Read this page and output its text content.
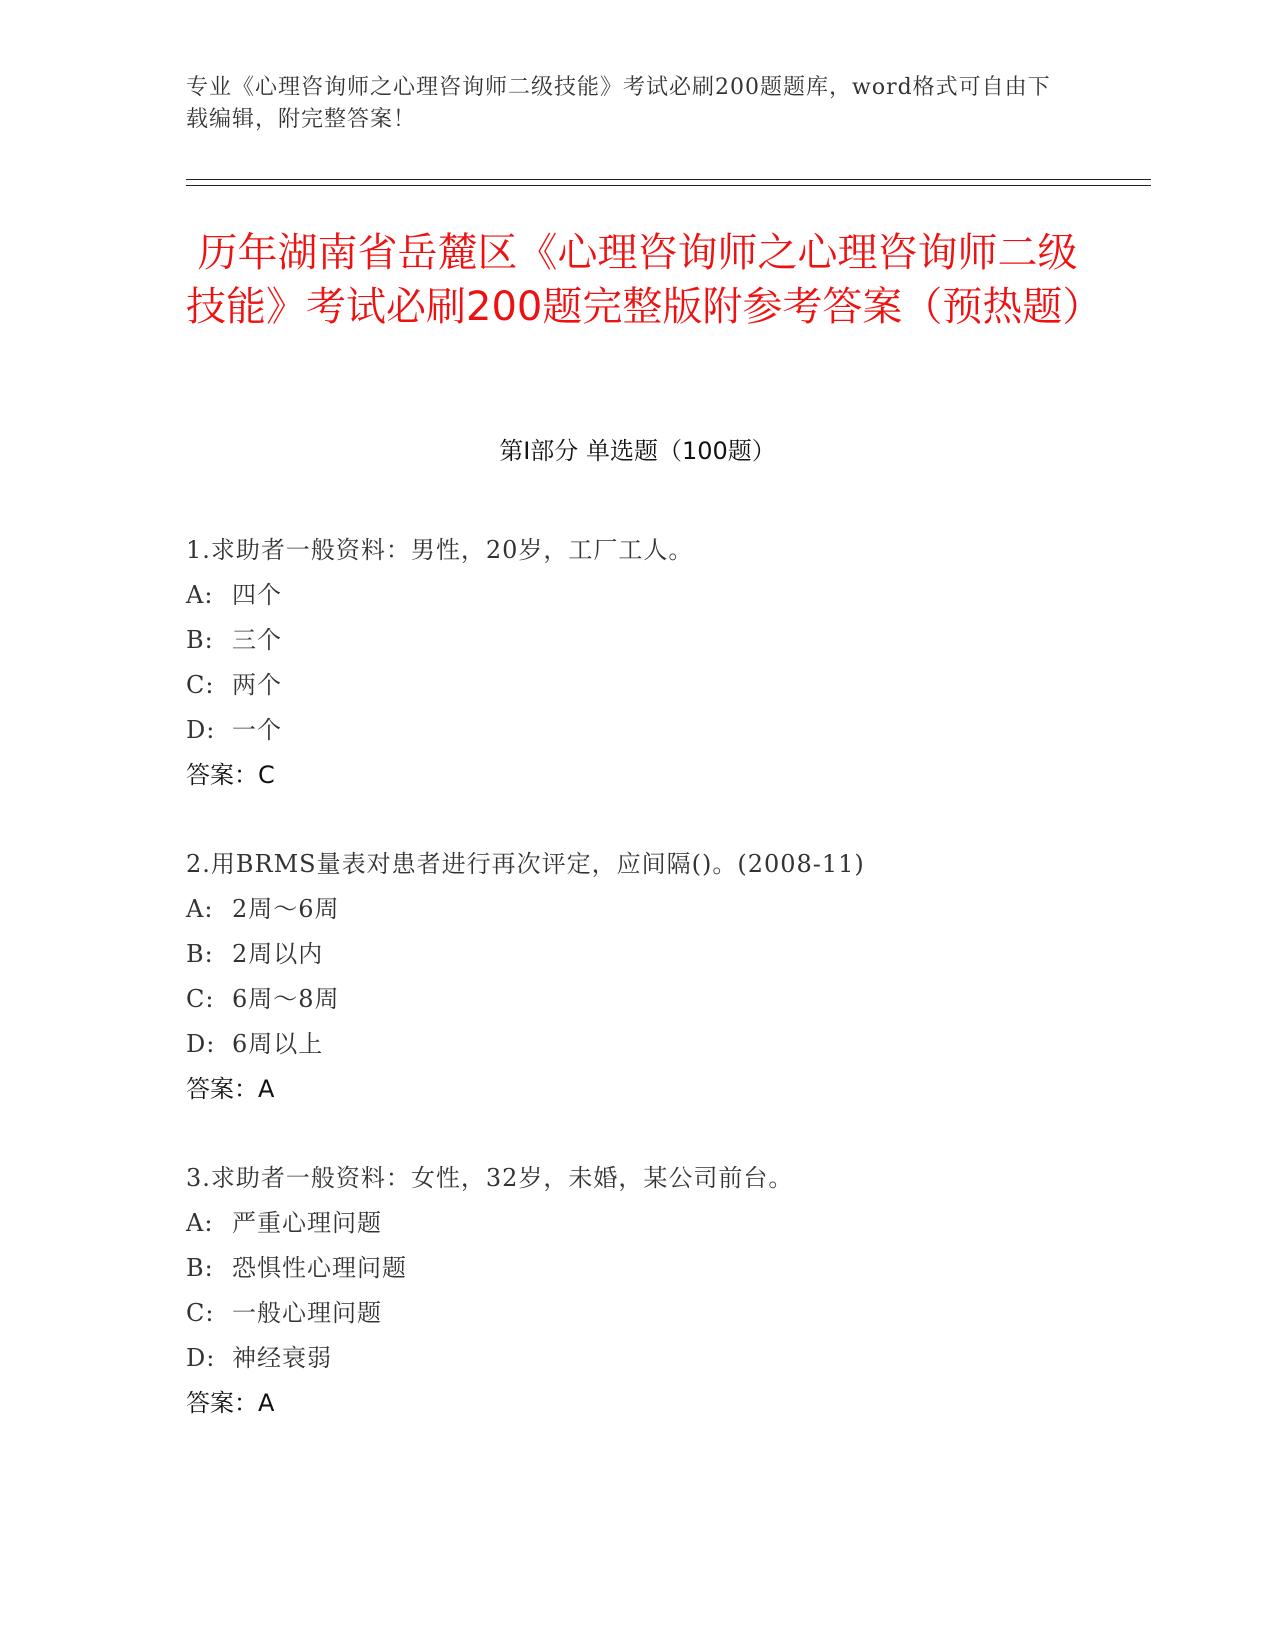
专业《心理咨询师之心理咨询师二级技能》考试必刷200题题库，word格式可自由下载编辑，附完整答案！
历年湖南省岳麓区《心理咨询师之心理咨询师二级技能》考试必刷200题完整版附参考答案（预热题）
第Ⅰ部分 单选题（100题）
1.求助者一般资料：男性，20岁，工厂工人。
A: 四个
B: 三个
C: 两个
D: 一个
答案：C
2.用BRMS量表对患者进行再次评定，应间隔()。(2008-11)
A: 2周～6周
B: 2周以内
C: 6周～8周
D: 6周以上
答案：A
3.求助者一般资料：女性，32岁，未婚，某公司前台。
A: 严重心理问题
B: 恐惧性心理问题
C: 一般心理问题
D: 神经衰弱
答案：A
